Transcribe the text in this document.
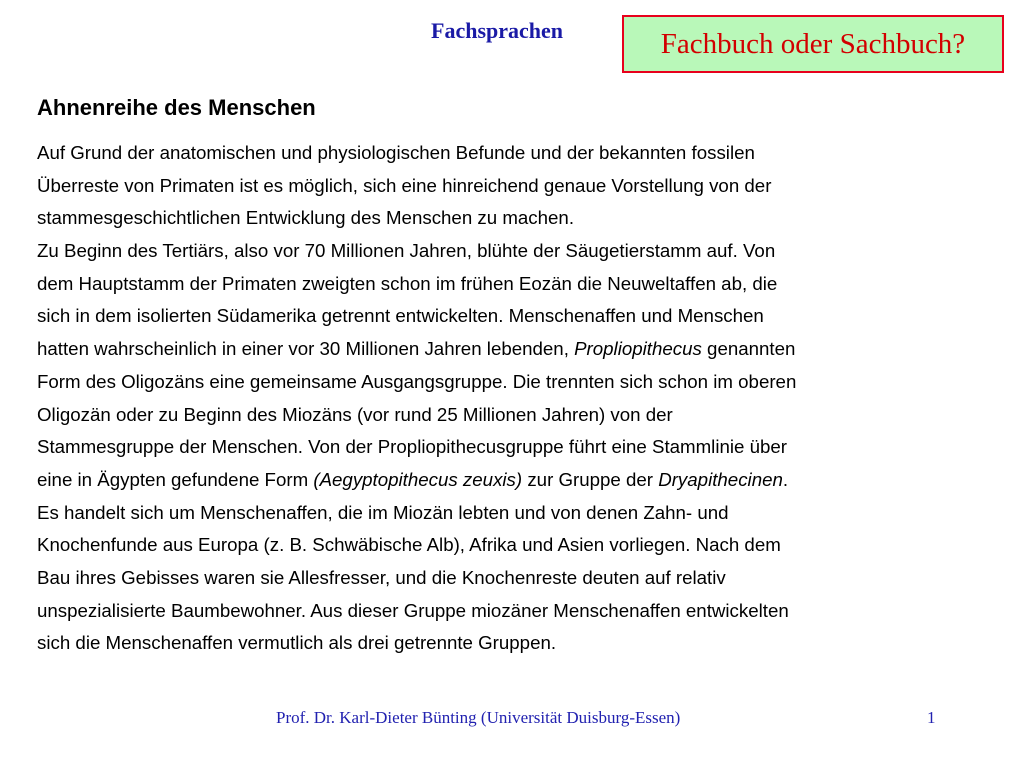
Fachsprachen	Fachbuch oder Sachbuch?
Ahnenreihe des Menschen
Auf Grund der anatomischen und physiologischen Befunde und der bekannten fossilen
Überreste von Primaten ist es möglich, sich eine hinreichend genaue Vorstellung von der
stammesgeschichtlichen Entwicklung des Menschen zu machen.
Zu Beginn des Tertiärs, also vor 70 Millionen Jahren, blühte der Säugetierstamm auf. Von
dem Hauptstamm der Primaten zweigten schon im frühen Eozän die Neuweltaffen ab, die
sich in dem isolierten Südamerika getrennt entwickelten. Menschenaffen und Menschen
hatten wahrscheinlich in einer vor 30 Millionen Jahren lebenden, Propliopithecus genannten
Form des Oligozäns eine gemeinsame Ausgangsgruppe. Die trennten sich schon im oberen
Oligozän oder zu Beginn des Miozäns (vor rund 25 Millionen Jahren) von der
Stammesgruppe der Menschen. Von der Propliopithecusgruppe führt eine Stammlinie über
eine in Ägypten gefundene Form (Aegyptopithecus zeuxis) zur Gruppe der Dryapithecinen.
Es handelt sich um Menschenaffen, die im Miozän lebten und von denen Zahn- und
Knochenfunde aus Europa (z. B. Schwäbische Alb), Afrika und Asien vorliegen. Nach dem
Bau ihres Gebisses waren sie Allesfresser, und die Knochenreste deuten auf relativ
unspezialisierte Baumbewohner. Aus dieser Gruppe miozäner Menschenaffen entwickelten
sich die Menschenaffen vermutlich als drei getrennte Gruppen.
Prof. Dr. Karl-Dieter Bünting (Universität Duisburg-Essen)	1
